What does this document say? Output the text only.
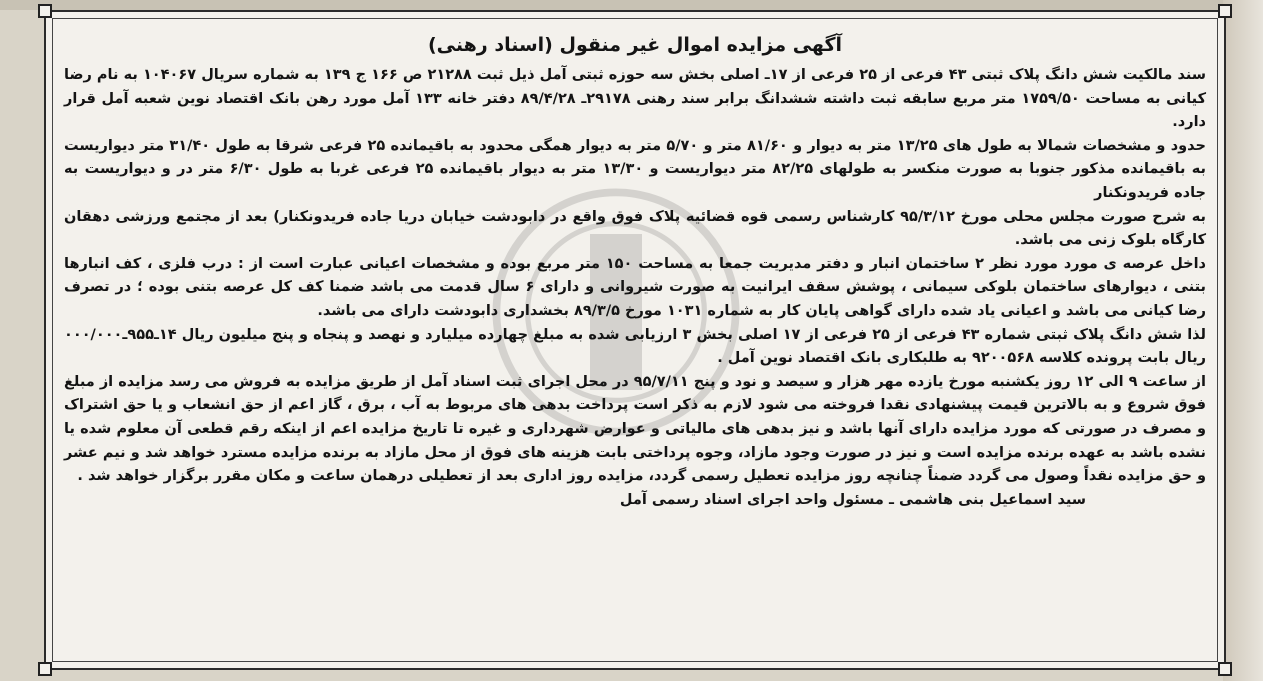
آگهی مزایده اموال غیر منقول (اسناد رهنی)

سند مالکیت شش دانگ پلاک ثبتی ۴۳ فرعی از ۲۵ فرعی از ۱۷ـ اصلی بخش سه حوزه ثبتی آمل ذیل ثبت ۲۱۲۸۸ ص ۱۶۶ ج ۱۳۹ به شماره سریال ۱۰۴۰۶۷ به نام رضا کیانی به مساحت ۱۷۵۹/۵۰ متر مربع سابقه ثبت داشته ششدانگ برابر سند رهنی ۲۹۱۷۸ـ ۸۹/۴/۲۸ دفتر خانه ۱۳۳ آمل مورد رهن بانک اقتصاد نوین شعبه آمل قرار دارد.

حدود و مشخصات شمالا به طول های ۱۳/۲۵ متر به دیوار و ۸۱/۶۰ متر و ۵/۷۰ متر به دیوار همگی محدود به باقیمانده ۲۵ فرعی شرقا به طول ۳۱/۴۰ متر دیواریست به باقیمانده مذکور جنوبا به صورت منکسر به طولهای ۸۲/۲۵ متر دیواریست و ۱۳/۳۰ متر به دیوار باقیمانده ۲۵ فرعی غربا به طول ۶/۳۰ متر در و دیواریست به جاده فریدونکنار

به شرح صورت مجلس محلی مورخ ۹۵/۳/۱۲ کارشناس رسمی قوه قضائیه پلاک فوق واقع در دابودشت خیابان دریا جاده فریدونکنار) بعد از مجتمع ورزشی دهقان کارگاه بلوک زنی می باشد.

داخل عرصه ی مورد مورد نظر ۲ ساختمان انبار و دفتر مدیریت جمعا به مساحت ۱۵۰ متر مربع بوده و مشخصات اعیانی عبارت است از : درب فلزی ، کف انبارها بتنی ، دیوارهای ساختمان بلوکی سیمانی ، پوشش سقف ایرانیت به صورت شیروانی و دارای ۶ سال قدمت می باشد ضمنا کف کل عرصه بتنی بوده ؛ در تصرف رضا کیانی می باشد و اعیانی یاد شده دارای گواهی پایان کار به شماره ۱۰۳۱ مورخ ۸۹/۳/۵ بخشداری دابودشت دارای می باشد.

لذا شش دانگ پلاک ثبتی شماره ۴۳ فرعی از ۲۵ فرعی از ۱۷ اصلی بخش ۳ ارزیابی شده به مبلغ چهارده میلیارد و نهصد و پنجاه و پنج میلیون ریال ۱۴ـ۹۵۵ـ۰۰۰/۰۰۰ ریال بابت پرونده کلاسه ۹۲۰۰۵۶۸ به طلبکاری بانک اقتصاد نوین آمل .

از ساعت ۹ الی ۱۲ روز یکشنبه مورخ یازده مهر هزار و سیصد و نود و پنج ۹۵/۷/۱۱ در محل اجرای ثبت اسناد آمل از طریق مزایده به فروش می رسد مزایده از مبلغ فوق شروع و به بالاترین قیمت پیشنهادی نقدا فروخته می شود لازم به ذکر است پرداخت بدهی های مربوط به آب ، برق ، گاز اعم از حق انشعاب و یا حق اشتراک و مصرف در صورتی که مورد مزایده دارای آنها باشد و نیز بدهی های مالیاتی و عوارض شهرداری و غیره تا تاریخ مزایده اعم از اینکه رقم قطعی آن معلوم شده یا نشده باشد به عهده برنده مزایده است و نیز در صورت وجود مازاد، وجوه پرداختی بابت هزینه های فوق از محل مازاد به برنده مزایده مسترد خواهد شد و نیم عشر و حق مزایده نقداً وصول می گردد ضمناً چنانچه روز مزایده تعطیل رسمی گردد، مزایده روز اداری بعد از تعطیلی درهمان ساعت و مکان مقرر برگزار خواهد شد .

سید اسماعیل بنی هاشمی ـ مسئول واحد اجرای اسناد رسمی آمل
